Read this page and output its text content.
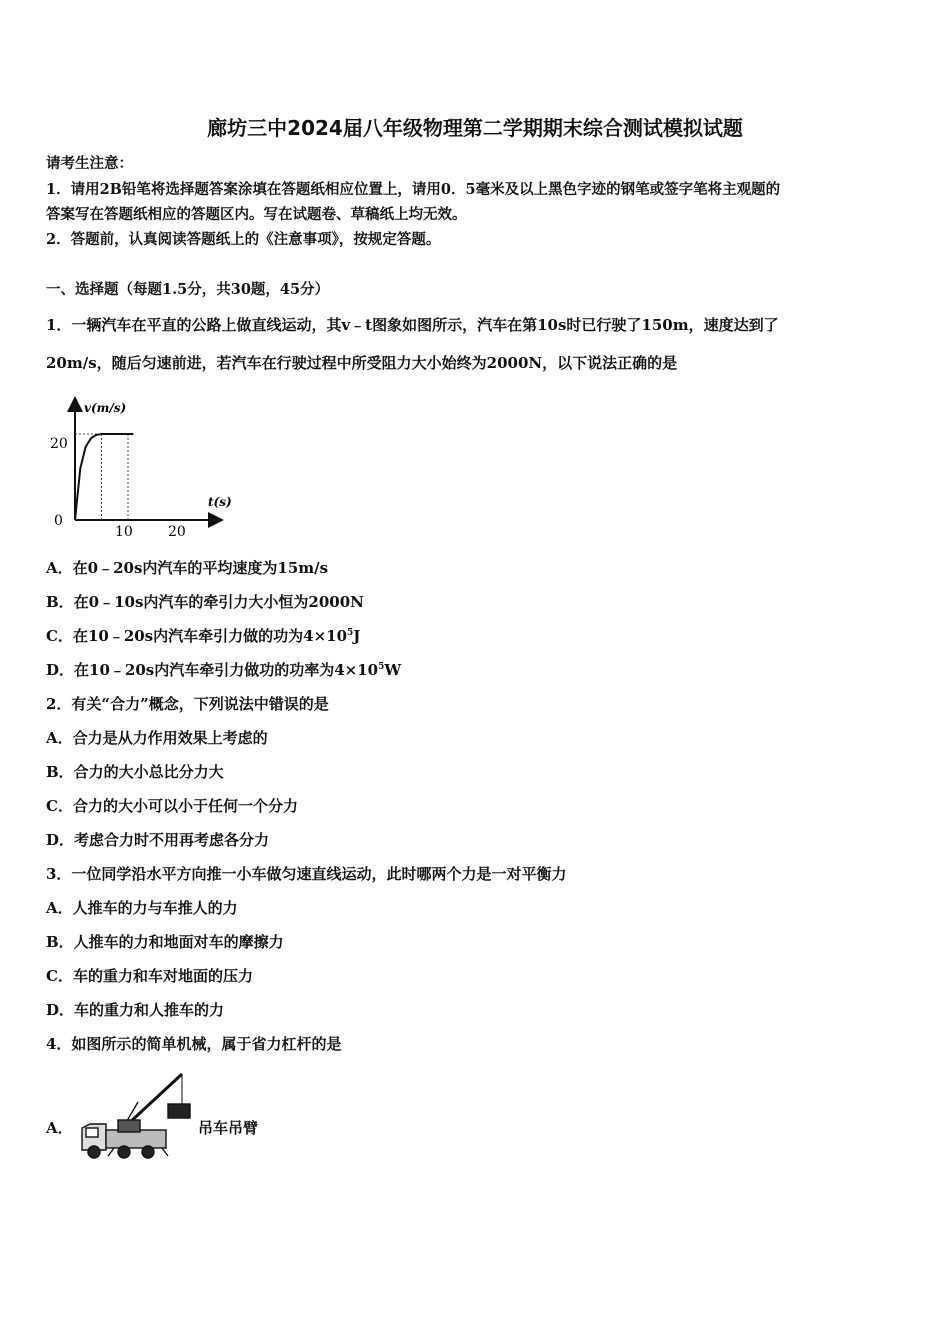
廊坊三中2024届八年级物理第二学期期末综合测试模拟试题
请考生注意：
1．请用2B铅笔将选择题答案涂填在答题纸相应位置上，请用0．5毫米及以上黑色字迹的钢笔或签字笔将主观题的
答案写在答题纸相应的答题区内。写在试题卷、草稿纸上均无效。
2．答题前，认真阅读答题纸上的《注意事项》，按规定答题。
一、选择题（每题1.5分，共30题，45分）
1．一辆汽车在平直的公路上做直线运动，其v﹣t图象如图所示，汽车在第10s时已行驶了150m，速度达到了
20m/s，随后匀速前进，若汽车在行驶过程中所受阻力大小始终为2000N，以下说法正确的是
v(m/s)
t(s)
20
0
10	20
A．在0﹣20s内汽车的平均速度为15m/s
B．在0﹣10s内汽车的牵引力大小恒为2000N
C．在10﹣20s内汽车牵引力做的功为$4\times 10^5J$
D．在10﹣20s内汽车牵引力做功的功率为$4\times 10^5W$
2．有关“合力”概念，下列说法中错误的是
A．合力是从力作用效果上考虑的
B．合力的大小总比分力大
C．合力的大小可以小于任何一个分力
D．考虑合力时不用再考虑各分力
3．一位同学沿水平方向推一小车做匀速直线运动，此时哪两个力是一对平衡力
A．人推车的力与车推人的力
B．人推车的力和地面对车的摩擦力
C．车的重力和车对地面的压力
D．车的重力和人推车的力
4．如图所示的简单机械，属于省力杠杆的是
A．	吊车吊臂
